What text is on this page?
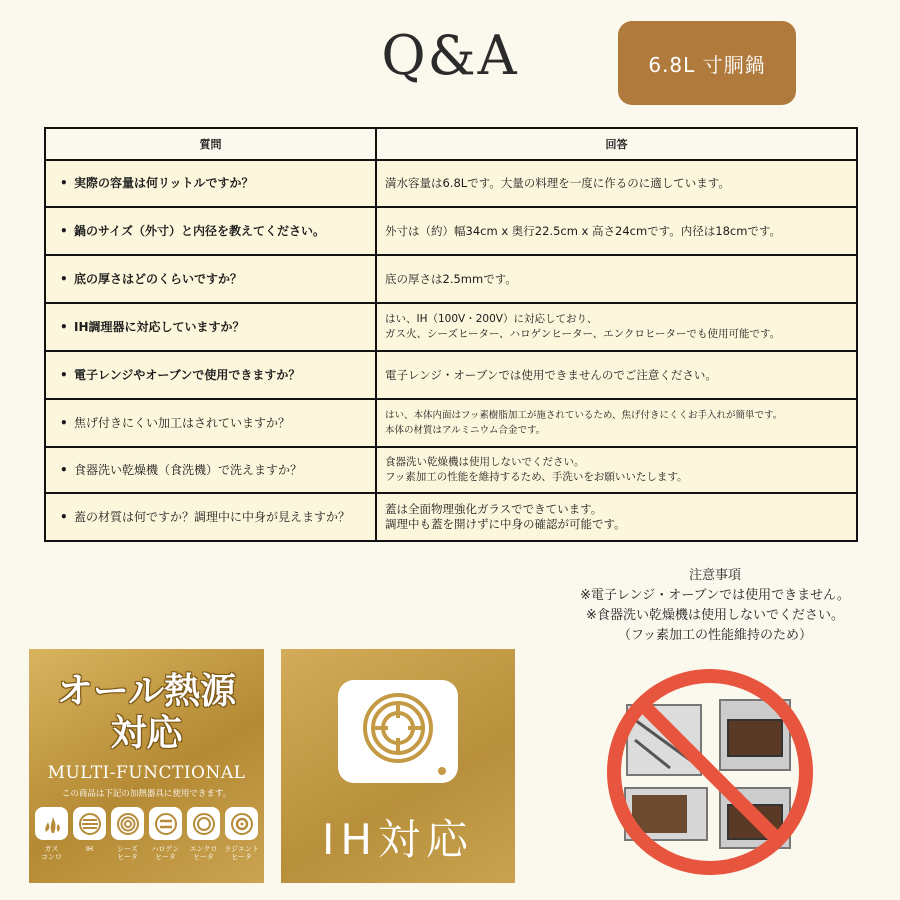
Q&A	6.8L 寸胴鍋
質問	回答
• 実際の容量は何リットルですか？	満水容量は6.8Lです。大量の料理を一度に作るのに適しています。

• 鍋のサイズ（外寸）と内径を教えてください。	外寸は（約）幅34cm x 奥行22.5cm x 高さ24cmです。内径は18cmです。

• 底の厚さはどのくらいですか？	底の厚さは2.5mmです。

• IH調理器に対応していますか？	はい、IH（100V・200V）に対応しており、
ガス火、シーズヒーター、ハロゲンヒーター、エンクロヒーターでも使用可能です。

• 電子レンジやオーブンで使用できますか？	電子レンジ・オーブンでは使用できませんのでご注意ください。

• 焦げ付きにくい加工はされていますか？	はい、本体内面はフッ素樹脂加工が施されているため、焦げ付きにくくお手入れが簡単です。
本体の材質はアルミニウム合金です。

• 食器洗い乾燥機（食洗機）で洗えますか？	食器洗い乾燥機は使用しないでください。
フッ素加工の性能を維持するため、手洗いをお願いいたします。

• 蓋の材質は何ですか？調理中に中身が見えますか？	蓋は全面物理強化ガラスでできています。
調理中も蓋を開けずに中身の確認が可能です。
注意事項
※電子レンジ・オーブンでは使用できません。
※食器洗い乾燥機は使用しないでください。
（フッ素加工の性能維持のため）
オール熱源
対応
MULTI-FUNCTIONAL
この商品は下記の加熱器具に使用できます。
ガス
コンロ
IH	シーズ
ヒータ
ハロゲン
ヒータ
エンクロ
ヒータ
ラジエント
ヒータ	IH対応
